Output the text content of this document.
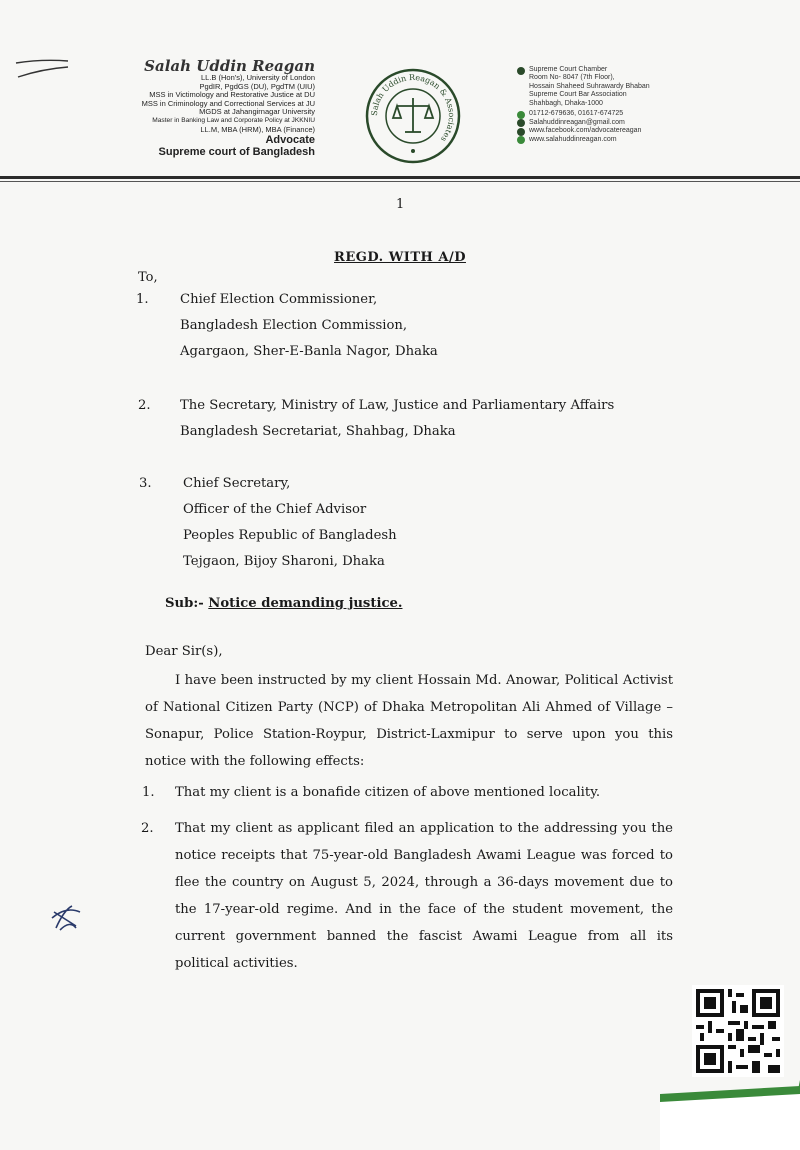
Salah Uddin Reagan
LL.B (Hon's), University of London
PgdIR, PgdGS (DU), PgdTM (UIU)
MSS in Victimology and Restorative Justice at DU
MSS in Criminology and Correctional Services at JU
MGDS at Jahangirnagar University
Master in Banking Law and Corporate Policy at JKKNIU
LL.M, MBA (HRM), MBA (Finance)
Advocate
Supreme court of Bangladesh
Salah Uddin Reagan & Associates
Supreme Court Chamber
Room No- 8047 (7th Floor),
Hossain Shaheed Suhrawardy Bhaban
Supreme Court Bar Association
Shahbagh, Dhaka-1000
01712-679636, 01617-674725
Salahuddinreagan@gmail.com
www.facebook.com/advocatereagan
www.salahuddinreagan.com
1
REGD. WITH A/D
To,
1. Chief Election Commissioner,
Bangladesh Election Commission,
Agargaon, Sher-E-Banla Nagor, Dhaka
2. The Secretary, Ministry of Law, Justice and Parliamentary Affairs
Bangladesh Secretariat, Shahbag, Dhaka
3. Chief Secretary,
Officer of the Chief Advisor
Peoples Republic of Bangladesh
Tejgaon, Bijoy Sharoni, Dhaka
Sub:- Notice demanding justice.
Dear Sir(s),
I have been instructed by my client Hossain Md. Anowar, Political Activist of National Citizen Party (NCP) of Dhaka Metropolitan Ali Ahmed of Village –Sonapur, Police Station-Roypur, District-Laxmipur to serve upon you this notice with the following effects:
1. That my client is a bonafide citizen of above mentioned locality.
2. That my client as applicant filed an application to the addressing you the notice receipts that 75-year-old Bangladesh Awami League was forced to flee the country on August 5, 2024, through a 36-days movement due to the 17-year-old regime. And in the face of the student movement, the current government banned the fascist Awami League from all its political activities.
